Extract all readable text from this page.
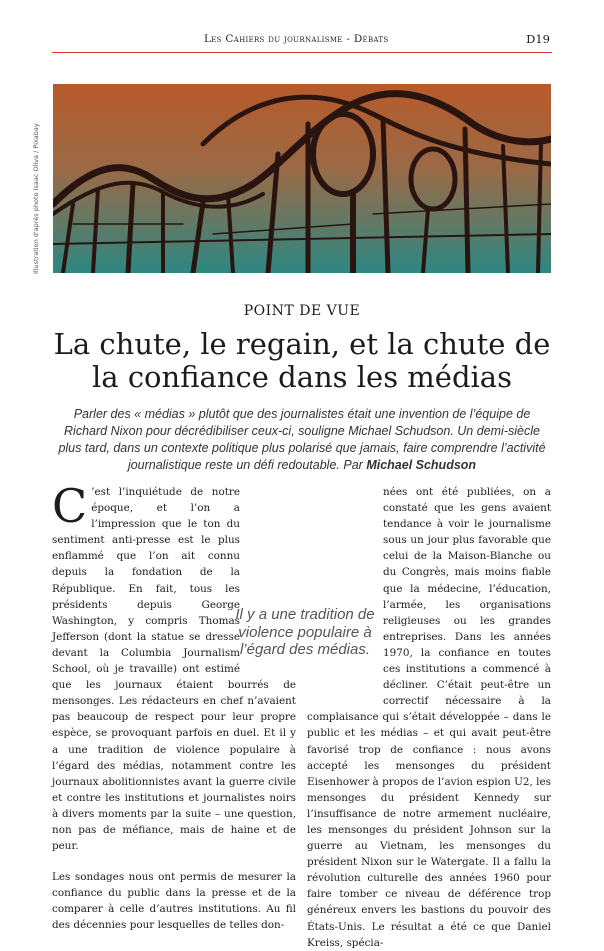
Les Cahiers du journalisme - Débats	D19
Illustration d'après photo Isaac Oliva / Pixabay
POINT DE VUE
La chute, le regain, et la chute de
la confiance dans les médias
Parler des « médias » plutôt que des journalistes était une invention de l’équipe de Richard Nixon pour décrédibiliser ceux-ci, souligne Michael Schudson. Un demi-siècle plus tard, dans un contexte politique plus polarisé que jamais, faire comprendre l’activité journalistique reste un défi redoutable. Par Michael Schudson

C ’est l’inquiétude de notre époque, et l’on a l’impression que le ton du sentiment anti-presse est le plus enflammé que l’on ait connu depuis la fondation de la République. En fait, tous les présidents depuis George Washington, y compris Thomas Jefferson (dont la statue se dresse devant la Columbia Journalism School, où je travaille) ont estimé que les journaux étaient bourrés de mensonges. Les rédacteurs en chef n’avaient pas beaucoup de respect pour leur propre espèce, se provoquant parfois en duel. Et il y a une tradition de violence populaire à l’égard des médias, notamment contre les journaux abolitionnistes avant la guerre civile et contre les institutions et journalistes noirs à divers moments par la suite – une question, non pas de méfiance, mais de haine et de peur.

Les sondages nous ont permis de mesurer la confiance du public dans la presse et de la comparer à celle d’autres institutions. Au fil des décennies pour lesquelles de telles don-

nées ont été publiées, on a constaté que les gens avaient tendance à voir le journalisme sous un jour plus favorable que celui de la Maison-Blanche ou du Congrès, mais moins fiable que la médecine, l’éducation, l’armée, les organisations religieuses ou les grandes entreprises. Dans les années 1970, la confiance en toutes ces institutions a commencé à décliner. C’était peut-être un correctif nécessaire à la complaisance qui s’était développée – dans le public et les médias – et qui avait peut-être favorisé trop de confiance : nous avons accepté les mensonges du président Eisenhower à propos de l’avion espion U2, les mensonges du président Kennedy sur l’insuffisance de notre armement nucléaire, les mensonges du président Johnson sur la guerre au Vietnam, les mensonges du président Nixon sur le Watergate. Il a fallu la révolution culturelle des années 1960 pour faire tomber ce niveau de déférence trop généreux envers les bastions du pouvoir des États-Unis. Le résultat a été ce que Daniel Kreiss, spécia-

Il y a une tradition de violence populaire à l’égard des médias.
